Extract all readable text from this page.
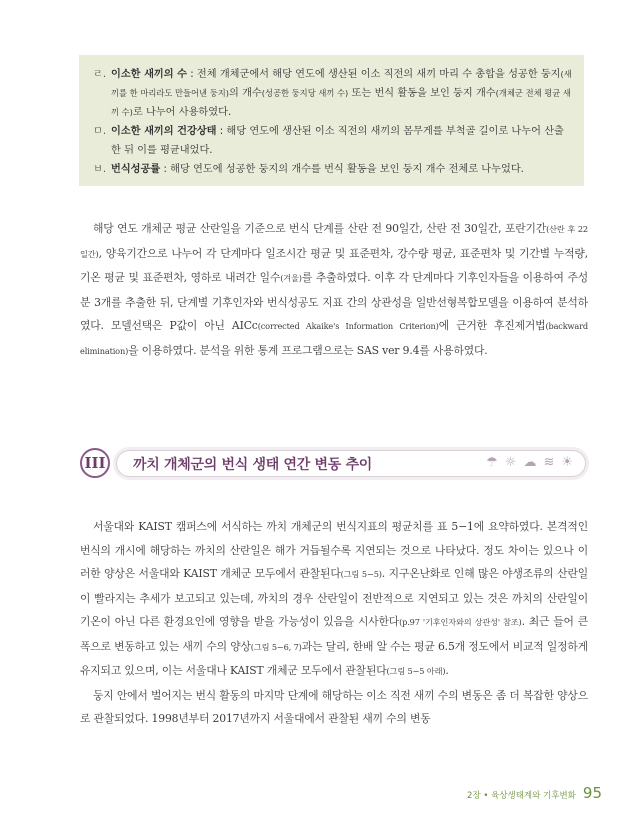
ㄹ. 이소한 새끼의 수 : 전체 개체군에서 해당 연도에 생산된 이소 직전의 새끼 마리 수 총합을 성공한 둥지(새끼를 한 마리라도 만들어낸 둥지)의 개수(성공한 둥지당 새끼 수) 또는 번식 활동을 보인 둥지 개수(개체군 전체 평균 새끼 수)로 나누어 사용하였다.
ㅁ. 이소한 새끼의 건강상태 : 해당 연도에 생산된 이소 직전의 새끼의 몸무게를 부척골 길이로 나누어 산출한 뒤 이를 평균내었다.
ㅂ. 번식성공률 : 해당 연도에 성공한 둥지의 개수를 번식 활동을 보인 둥지 개수 전체로 나누었다.

해당 연도 개체군 평균 산란일을 기준으로 번식 단계를 산란 전 90일간, 산란 전 30일간, 포란기간(산란 후 22일간), 양육기간으로 나누어 각 단계마다 일조시간 평균 및 표준편차, 강수량 평균, 표준편차 및 기간별 누적량, 기온 평균 및 표준편차, 영하로 내려간 일수(겨울)를 추출하였다. 이후 각 단계마다 기후인자들을 이용하여 주성분 3개를 추출한 뒤, 단계별 기후인자와 번식성공도 지표 간의 상관성을 일반선형복합모델을 이용하여 분석하였다. 모델선택은 P값이 아닌 AICc(corrected Akaike's Information Criterion)에 근거한 후진제거법(backward elimination)을 이용하였다. 분석을 위한 통계 프로그램으로는 SAS ver 9.4를 사용하였다.

III	까치 개체군의 번식 생태 연간 변동 추이	☂ ☼ ☁ ≋ ☀

서울대와 KAIST 캠퍼스에 서식하는 까치 개체군의 번식지표의 평균치를 표 5−1에 요약하였다. 본격적인 번식의 개시에 해당하는 까치의 산란일은 해가 거듭될수록 지연되는 것으로 나타났다. 정도 차이는 있으나 이러한 양상은 서울대와 KAIST 개체군 모두에서 관찰된다(그림 5−5). 지구온난화로 인해 많은 야생조류의 산란일이 빨라지는 추세가 보고되고 있는데, 까치의 경우 산란일이 전반적으로 지연되고 있는 것은 까치의 산란일이 기온이 아닌 다른 환경요인에 영향을 받을 가능성이 있음을 시사한다(p.97 '기후인자와의 상관성' 참조). 최근 들어 큰 폭으로 변동하고 있는 새끼 수의 양상(그림 5−6, 7)과는 달리, 한배 알 수는 평균 6.5개 정도에서 비교적 일정하게 유지되고 있으며, 이는 서울대나 KAIST 개체군 모두에서 관찰된다(그림 5−5 아래).

둥지 안에서 벌어지는 번식 활동의 마지막 단계에 해당하는 이소 직전 새끼 수의 변동은 좀 더 복잡한 양상으로 관찰되었다. 1998년부터 2017년까지 서울대에서 관찰된 새끼 수의 변동

2장 • 육상생태계와 기후변화 95
